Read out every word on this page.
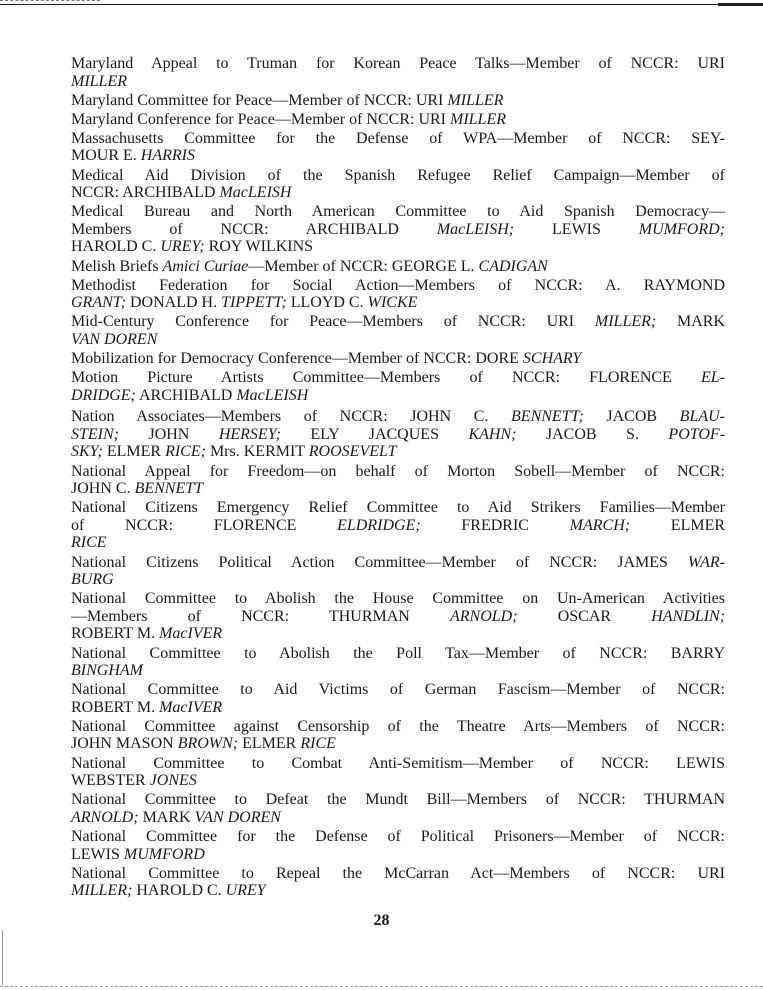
Maryland Appeal to Truman for Korean Peace Talks—Member of NCCR: URI
MILLER

Maryland Committee for Peace—Member of NCCR: URI MILLER

Maryland Conference for Peace—Member of NCCR: URI MILLER

Massachusetts Committee for the Defense of WPA—Member of NCCR: SEY-
MOUR E. HARRIS

Medical Aid Division of the Spanish Refugee Relief Campaign—Member of
NCCR: ARCHIBALD MacLEISH

Medical Bureau and North American Committee to Aid Spanish Democracy—
Members of NCCR: ARCHIBALD MacLEISH; LEWIS MUMFORD;
HAROLD C. UREY; ROY WILKINS

Melish Briefs Amici Curiae—Member of NCCR: GEORGE L. CADIGAN

Methodist Federation for Social Action—Members of NCCR: A. RAYMOND
GRANT; DONALD H. TIPPETT; LLOYD C. WICKE

Mid-Century Conference for Peace—Members of NCCR: URI MILLER; MARK
VAN DOREN

Mobilization for Democracy Conference—Member of NCCR: DORE SCHARY

Motion Picture Artists Committee—Members of NCCR: FLORENCE EL-
DRIDGE; ARCHIBALD MacLEISH

Nation Associates—Members of NCCR: JOHN C. BENNETT; JACOB BLAU-
STEIN; JOHN HERSEY; ELY JACQUES KAHN; JACOB S. POTOF-
SKY; ELMER RICE; Mrs. KERMIT ROOSEVELT

National Appeal for Freedom—on behalf of Morton Sobell—Member of NCCR:
JOHN C. BENNETT

National Citizens Emergency Relief Committee to Aid Strikers Families—Member
of NCCR: FLORENCE ELDRIDGE; FREDRIC MARCH; ELMER
RICE

National Citizens Political Action Committee—Member of NCCR: JAMES WAR-
BURG

National Committee to Abolish the House Committee on Un-American Activities
—Members of NCCR: THURMAN ARNOLD; OSCAR HANDLIN;
ROBERT M. MacIVER

National Committee to Abolish the Poll Tax—Member of NCCR: BARRY
BINGHAM

National Committee to Aid Victims of German Fascism—Member of NCCR:
ROBERT M. MacIVER

National Committee against Censorship of the Theatre Arts—Members of NCCR:
JOHN MASON BROWN; ELMER RICE

National Committee to Combat Anti-Semitism—Member of NCCR: LEWIS
WEBSTER JONES

National Committee to Defeat the Mundt Bill—Members of NCCR: THURMAN
ARNOLD; MARK VAN DOREN

National Committee for the Defense of Political Prisoners—Member of NCCR:
LEWIS MUMFORD

National Committee to Repeal the McCarran Act—Members of NCCR: URI
MILLER; HAROLD C. UREY

28
